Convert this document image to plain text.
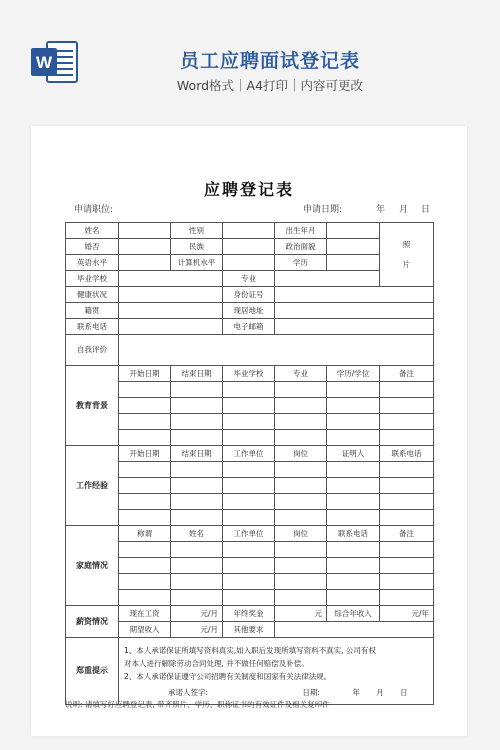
W	员工应聘面试登记表
Word格式｜A4打印｜内容可更改
应聘登记表
申请职位:	申请日期:	年 月 日
姓名		性别		出生年月		照

片
婚否		民族		政治面貌		
英语水平		计算机水平		学历		
毕业学校			专业			
健康状况			身份证号			
籍贯			现居地址			
联系电话			电子邮箱			
自我评价						
教育背景	开始日期	结束日期	毕业学校	专业	学历/学位	备注

工作经验	开始日期	结束日期	工作单位	岗位	证明人	联系电话

家庭情况	称谓	姓名	工作单位	岗位	联系电话	备注

薪资情况	现在工资	元/月	年终奖金	元	综合年收入	元/年
	期望收入	元/月	其他要求			
郑重提示	1、本人承诺保证所填写资料真实,如入职后发现所填写资料不真实, 公司有权
对本人进行解除劳动合同处理, 并不做任何赔偿及补偿。
2、本人承诺保证遵守公司招聘有关制度和国家有关法律法规。
承诺人签字: 日期: 年 月 日					
说明: 请填写好应聘登记表, 带齐照片、学历、职称证书的有效证件及相关复印件
